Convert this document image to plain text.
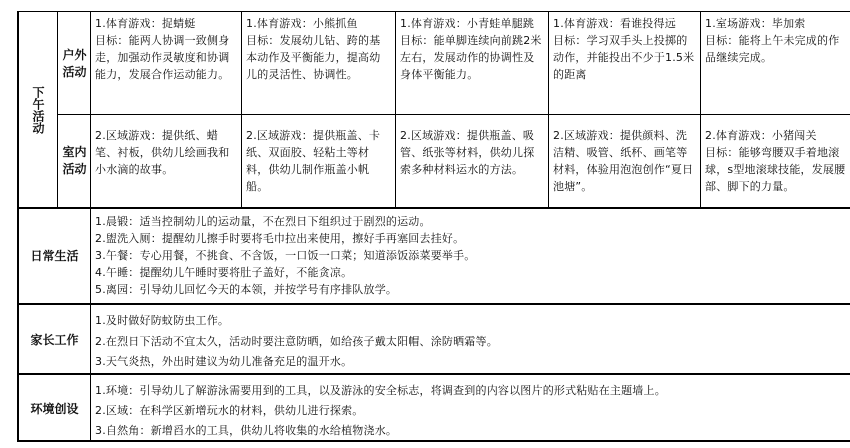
下午活动
户外活动
室内活动
1.体育游戏：捉蜻蜓
目标：能两人协调一致侧身走，加强动作灵敏度和协调能力，发展合作运动能力。
1.体育游戏：小熊抓鱼
目标：发展幼儿钻、跨的基本动作及平衡能力，提高幼儿的灵活性、协调性。
1.体育游戏：小青蛙单腿跳
目标：能单脚连续向前跳2米左右，发展动作的协调性及身体平衡能力。
1.体育游戏：看谁投得远
目标：学习双手头上投掷的动作，并能投出不少于1.5米的距离
1.室场游戏：毕加索
目标：能将上午未完成的作品继续完成。
2.区域游戏：提供纸、蜡笔、衬板，供幼儿绘画我和小水滴的故事。
2.区域游戏：提供瓶盖、卡纸、双面胶、轻粘土等材料，供幼儿制作瓶盖小帆船。
2.区域游戏：提供瓶盖、吸管、纸张等材料，供幼儿探索多种材料运水的方法。
2.区域游戏：提供颜料、洗洁精、吸管、纸杯、画笔等材料，体验用泡泡创作“夏日池塘”。
2.体育游戏：小猪闯关
目标：能够弯腰双手着地滚球，s型地滚球技能，发展腰部、脚下的力量。
日常生活
1.晨锻：适当控制幼儿的运动量，不在烈日下组织过于剧烈的运动。
2.盥洗入厕：提醒幼儿擦手时要将毛巾拉出来使用，擦好手再塞回去挂好。
3.午餐：专心用餐，不挑食、不含饭，一口饭一口菜；知道添饭添菜要举手。
4.午睡：提醒幼儿午睡时要将肚子盖好，不能贪凉。
5.离园：引导幼儿回忆今天的本领，并按学号有序排队放学。
家长工作
1.及时做好防蚊防虫工作。
2.在烈日下活动不宜太久，活动时要注意防晒，如给孩子戴太阳帽、涂防晒霜等。
3.天气炎热，外出时建议为幼儿准备充足的温开水。
环境创设
1.环境：引导幼儿了解游泳需要用到的工具，以及游泳的安全标志，将调查到的内容以图片的形式粘贴在主题墙上。
2.区域：在科学区新增玩水的材料，供幼儿进行探索。
3.自然角：新增舀水的工具，供幼儿将收集的水给植物浇水。
